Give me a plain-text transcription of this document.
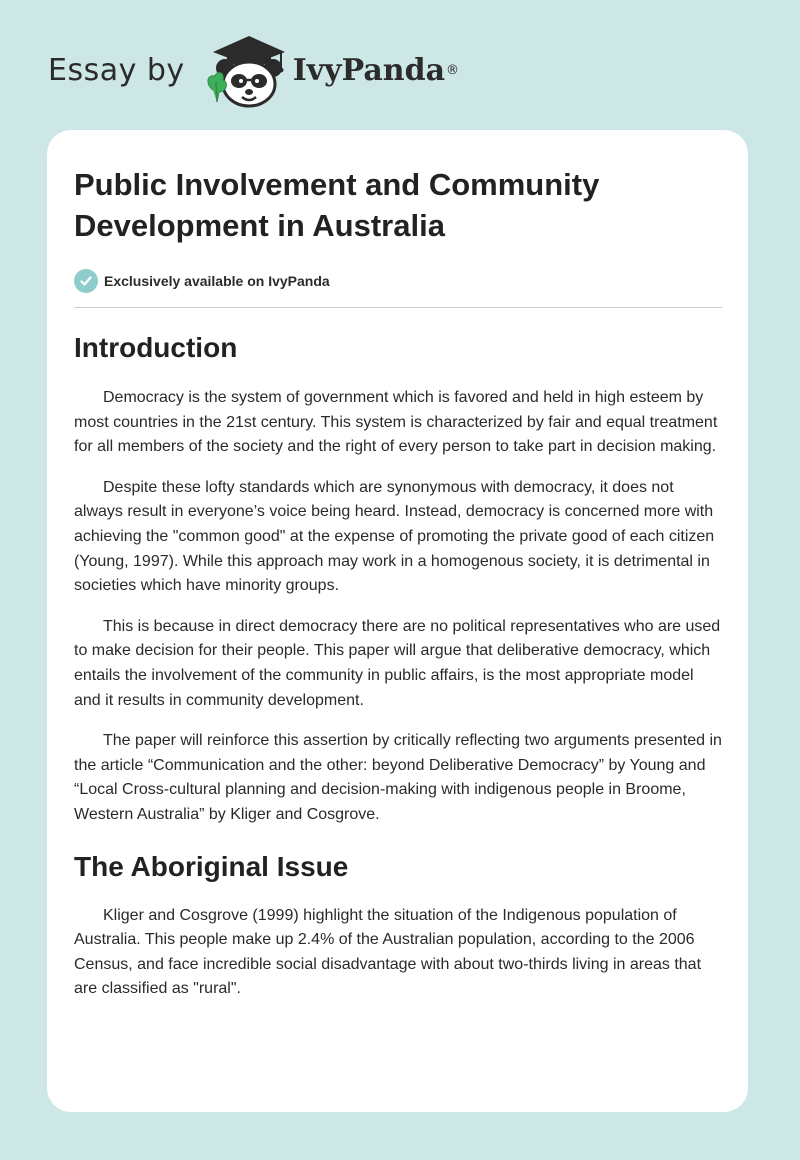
Essay by	IvyPanda ®
Public Involvement and Community Development in Australia
Exclusively available on IvyPanda
Introduction

Democracy is the system of government which is favored and held in high esteem by most countries in the 21st century. This system is characterized by fair and equal treatment for all members of the society and the right of every person to take part in decision making.

Despite these lofty standards which are synonymous with democracy, it does not always result in everyone’s voice being heard. Instead, democracy is concerned more with achieving the "common good" at the expense of promoting the private good of each citizen (Young, 1997). While this approach may work in a homogenous society, it is detrimental in societies which have minority groups.

This is because in direct democracy there are no political representatives who are used to make decision for their people. This paper will argue that deliberative democracy, which entails the involvement of the community in public affairs, is the most appropriate model and it results in community development.

The paper will reinforce this assertion by critically reflecting two arguments presented in the article “Communication and the other: beyond Deliberative Democracy” by Young and “Local Cross-cultural planning and decision-making with indigenous people in Broome, Western Australia” by Kliger and Cosgrove.

The Aboriginal Issue

Kliger and Cosgrove (1999) highlight the situation of the Indigenous population of Australia. This people make up 2.4% of the Australian population, according to the 2006 Census, and face incredible social disadvantage with about two-thirds living in areas that are classified as "rural".
